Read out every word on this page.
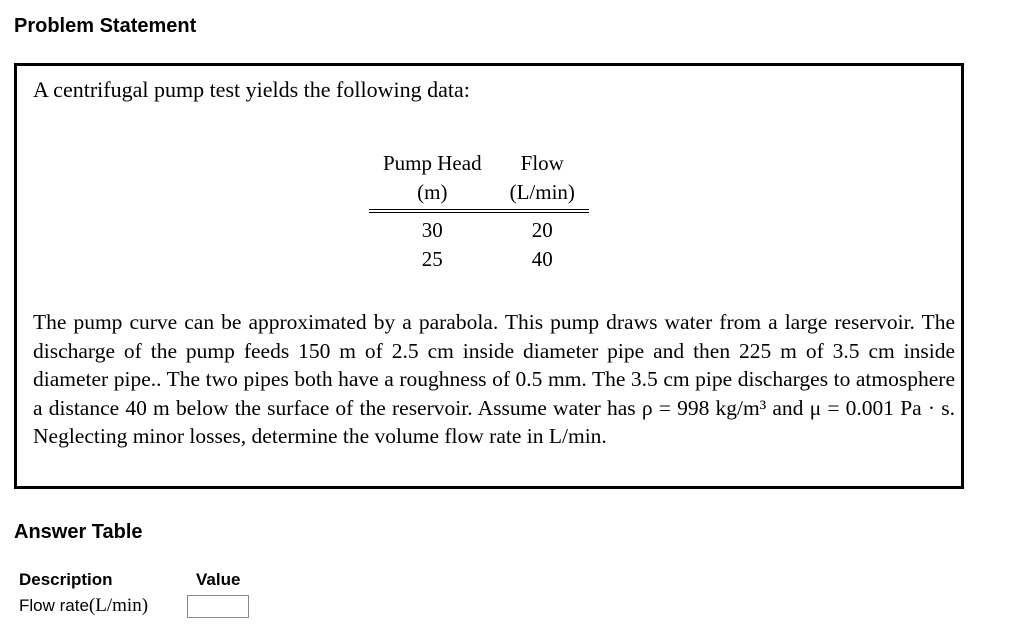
Problem Statement
A centrifugal pump test yields the following data:
Pump Head	Flow
(m)	(L/min)
30	20
25	40
The pump curve can be approximated by a parabola. This pump draws water from a large reservoir. The discharge of the pump feeds 150 m of 2.5 cm inside diameter pipe and then 225 m of 3.5 cm inside diameter pipe.. The two pipes both have a roughness of 0.5 mm. The 3.5 cm pipe discharges to atmosphere a distance 40 m below the surface of the reservoir. Assume water has ρ = 998 kg/m³ and μ = 0.001 Pa · s. Neglecting minor losses, determine the volume flow rate in L/min.
Answer Table
Description	Value
Flow rate (L/min)
